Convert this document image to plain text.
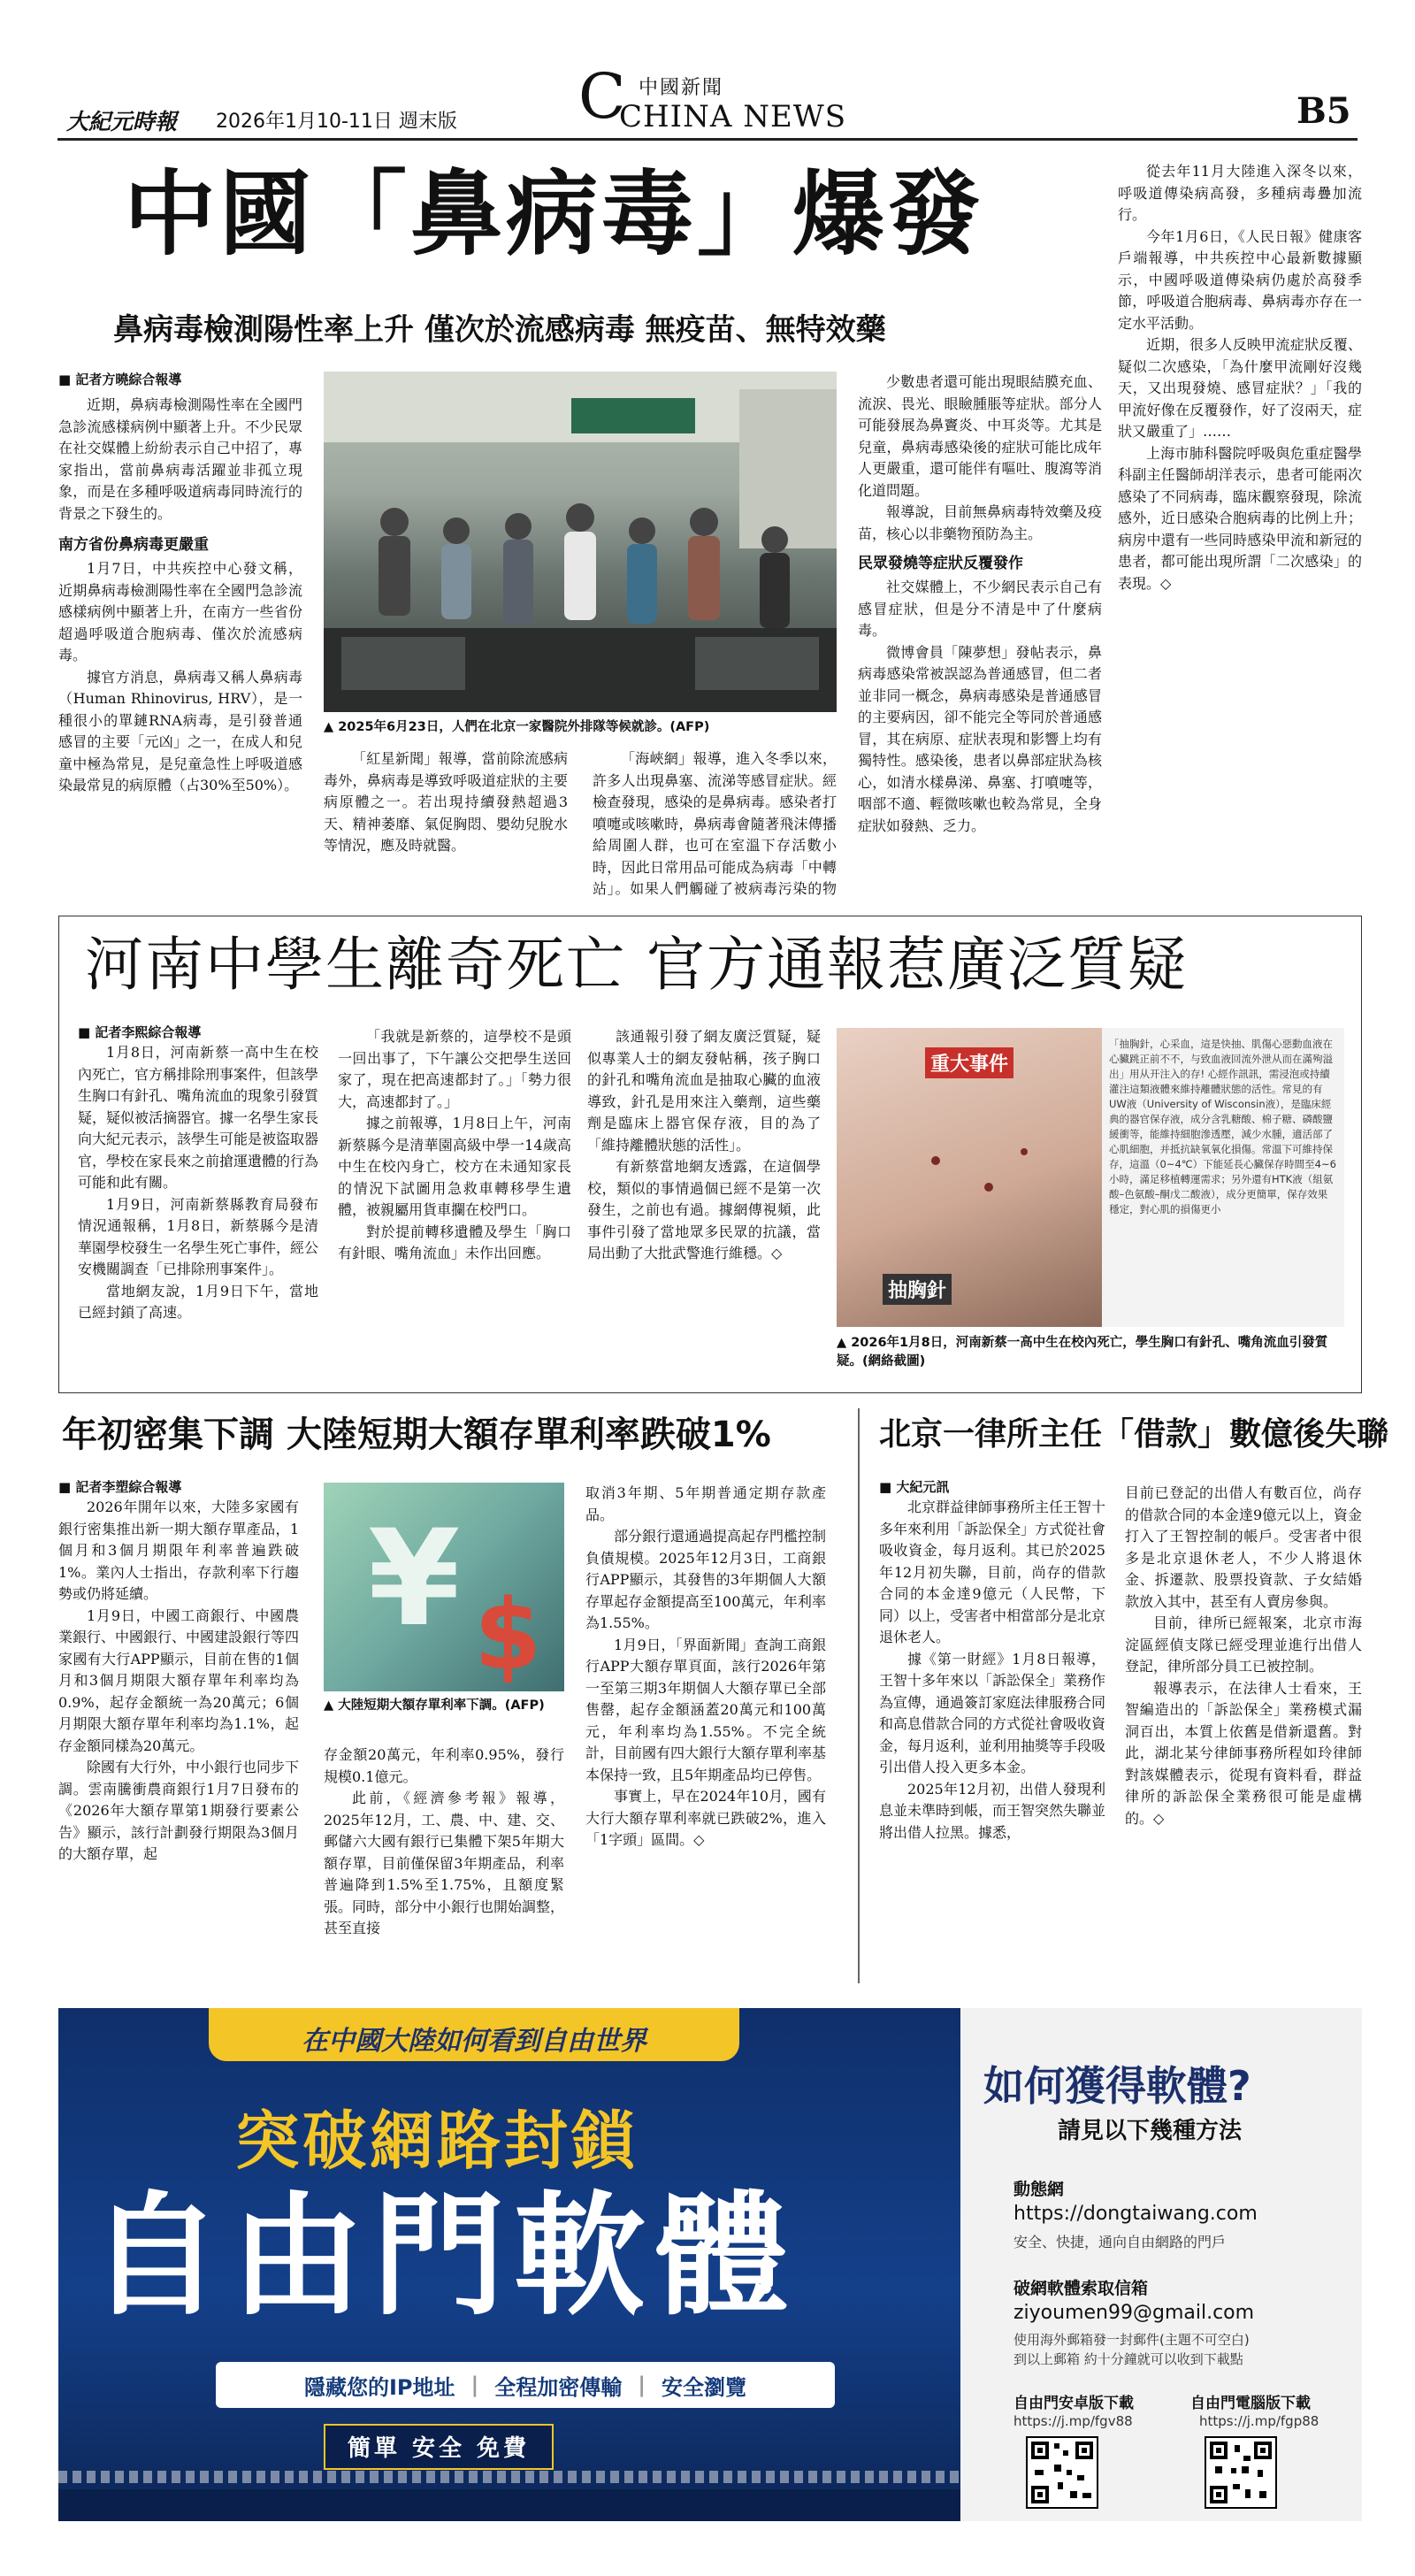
大紀元時報 2026年1月10-11日 週末版 C 中國新聞
CHINA NEWS	B5
中國「鼻病毒」爆發
鼻病毒檢測陽性率上升 僅次於流感病毒 無疫苗、無特效藥

■ 記者方曉綜合報導

近期，鼻病毒檢測陽性率在全國門急診流感樣病例中顯著上升。不少民眾在社交媒體上紛紛表示自己中招了，專家指出，當前鼻病毒活躍並非孤立現象，而是在多種呼吸道病毒同時流行的背景之下發生的。

南方省份鼻病毒更嚴重

1月7日，中共疾控中心發文稱，近期鼻病毒檢測陽性率在全國門急診流感樣病例中顯著上升，在南方一些省份超過呼吸道合胞病毒、僅次於流感病毒。

據官方消息，鼻病毒又稱人鼻病毒（Human Rhinovirus, HRV），是一種很小的單鏈RNA病毒，是引發普通感冒的主要「元凶」之一，在成人和兒童中極為常見，是兒童急性上呼吸道感染最常見的病原體（占30%至50%）。

▲ 2025年6月23日，人們在北京一家醫院外排隊等候就診。(AFP)

「紅星新聞」報導，當前除流感病毒外，鼻病毒是導致呼吸道症狀的主要病原體之一。若出現持續發熱超過3天、精神萎靡、氣促胸悶、嬰幼兒脫水等情況，應及時就醫。

「海峽網」報導，進入冬季以來，許多人出現鼻塞、流涕等感冒症狀。經檢查發現，感染的是鼻病毒。感染者打噴嚏或咳嗽時，鼻病毒會隨著飛沫傳播給周圍人群，也可在室溫下存活數小時，因此日常用品可能成為病毒「中轉站」。如果人們觸碰了被病毒污染的物

少數患者還可能出現眼結膜充血、流淚、畏光、眼瞼腫脹等症狀。部分人可能發展為鼻竇炎、中耳炎等。尤其是兒童，鼻病毒感染後的症狀可能比成年人更嚴重，還可能伴有嘔吐、腹瀉等消化道問題。

報導說，目前無鼻病毒特效藥及疫苗，核心以非藥物預防為主。

民眾發燒等症狀反覆發作

社交媒體上，不少網民表示自己有感冒症狀，但是分不清是中了什麼病毒。

微博會員「陳夢想」發帖表示，鼻病毒感染常被誤認為普通感冒，但二者並非同一概念，鼻病毒感染是普通感冒的主要病因，卻不能完全等同於普通感冒，其在病原、症狀表現和影響上均有獨特性。感染後，患者以鼻部症狀為核心，如清水樣鼻涕、鼻塞、打噴嚏等，咽部不適、輕微咳嗽也較為常見，全身症狀如發熱、乏力。

從去年11月大陸進入深冬以來，呼吸道傳染病高發，多種病毒疊加流行。

今年1月6日，《人民日報》健康客戶端報導，中共疾控中心最新數據顯示，中國呼吸道傳染病仍處於高發季節，呼吸道合胞病毒、鼻病毒亦存在一定水平活動。

近期，很多人反映甲流症狀反覆、疑似二次感染，「為什麼甲流剛好沒幾天，又出現發燒、感冒症狀？」「我的甲流好像在反覆發作，好了沒兩天，症狀又嚴重了」……

上海市肺科醫院呼吸與危重症醫學科副主任醫師胡洋表示，患者可能兩次感染了不同病毒，臨床觀察發現，除流感外，近日感染合胞病毒的比例上升；病房中還有一些同時感染甲流和新冠的患者，都可能出現所謂「二次感染」的表現。◇

河南中學生離奇死亡 官方通報惹廣泛質疑

■ 記者李熙綜合報導

1月8日，河南新蔡一高中生在校內死亡，官方稱排除刑事案件，但該學生胸口有針孔、嘴角流血的現象引發質疑，疑似被活摘器官。據一名學生家長向大紀元表示，該學生可能是被盜取器官，學校在家長來之前搶運遺體的行為可能和此有關。

1月9日，河南新蔡縣教育局發布情況通報稱，1月8日，新蔡縣今是清華園學校發生一名學生死亡事件，經公安機關調查「已排除刑事案件」。

當地網友說，1月9日下午，當地已經封鎖了高速。

「我就是新蔡的，這學校不是頭一回出事了，下午讓公交把學生送回家了，現在把高速都封了。」「勢力很大，高速都封了。」

據之前報導，1月8日上午，河南新蔡縣今是清華園高級中學一14歲高中生在校內身亡，校方在未通知家長的情況下試圖用急救車轉移學生遺體，被親屬用貨車攔在校門口。

對於提前轉移遺體及學生「胸口有針眼、嘴角流血」未作出回應。

該通報引發了網友廣泛質疑，疑似專業人士的網友發帖稱，孩子胸口的針孔和嘴角流血是抽取心臟的血液導致，針孔是用來注入藥劑，這些藥劑是臨床上器官保存液，目的為了「維持離體狀態的活性」。

有新蔡當地網友透露，在這個學校，類似的事情過個已經不是第一次發生，之前也有過。據網傳視頻，此事件引發了當地眾多民眾的抗議，當局出動了大批武警進行維穩。◇

重大事件
抽胸針
「抽胸針，心采血，這是快抽、肌傷心惡動血液在心臟跳正前不不，与致血液回流外泄从而在滿殉溢出」用从开注入的存! 心經作訊訊，需浸泡或持續灌注這類液體來維持離體狀態的活性。常見的有UW液（University of Wisconsin液），是臨床經典的器官保存液，成分含乳糖酸、棉子糖、磷酸鹽緩衝等，能維持細胞滲透壓，減少水腫，適活部了心肌細胞，并抵抗缺氧氧化損傷。常溫下可維持保存，這溫（0~4℃）下能延長心臟保存時間至4~6小時，滿足移植轉運需求；另外還有HTK液（組氨酸–色氨酸–酮戊二酸液），成分更簡單，保存效果穩定，對心肌的損傷更小
▲ 2026年1月8日，河南新蔡一高中生在校內死亡，學生胸口有針孔、嘴角流血引發質疑。(網絡截圖)
年初密集下調 大陸短期大額存單利率跌破1%

■ 記者李塑綜合報導

2026年開年以來，大陸多家國有銀行密集推出新一期大額存單產品，1個月和3個月期限年利率普遍跌破1%。業內人士指出，存款利率下行趨勢或仍將延續。

1月9日，中國工商銀行、中國農業銀行、中國銀行、中國建設銀行等四家國有大行APP顯示，目前在售的1個月和3個月期限大額存單年利率均為0.9%，起存金額統一為20萬元；6個月期限大額存單年利率均為1.1%，起存金額同樣為20萬元。

除國有大行外，中小銀行也同步下調。雲南騰衝農商銀行1月7日發布的《2026年大額存單第1期發行要素公告》顯示，該行計劃發行期限為3個月的大額存單，起

¥ $
▲ 大陸短期大額存單利率下調。(AFP)

存金額20萬元，年利率0.95%，發行規模0.1億元。

此前，《經濟參考報》報導，2025年12月，工、農、中、建、交、郵儲六大國有銀行已集體下架5年期大額存單，目前僅保留3年期產品，利率普遍降到1.5%至1.75%，且額度緊張。同時，部分中小銀行也開始調整，甚至直接

取消3年期、5年期普通定期存款產品。

部分銀行還通過提高起存門檻控制負債規模。2025年12月3日，工商銀行APP顯示，其發售的3年期個人大額存單起存金額提高至100萬元，年利率為1.55%。

1月9日，「界面新聞」查詢工商銀行APP大額存單頁面，該行2026年第一至第三期3年期個人大額存單已全部售罄，起存金額涵蓋20萬元和100萬元，年利率均為1.55%。不完全統計，目前國有四大銀行大額存單利率基本保持一致，且5年期產品均已停售。

事實上，早在2024年10月，國有大行大額存單利率就已跌破2%，進入「1字頭」區間。◇

北京一律所主任「借款」數億後失聯

■ 大紀元訊

北京群益律師事務所主任王智十多年來利用「訴訟保全」方式從社會吸收資金，每月返利。其已於2025年12月初失聯，目前，尚存的借款合同的本金達9億元（人民幣，下同）以上，受害者中相當部分是北京退休老人。

據《第一財經》1月8日報導，王智十多年來以「訴訟保全」業務作為宣傳，通過簽訂家庭法律服務合同和高息借款合同的方式從社會吸收資金，每月返利，並利用抽獎等手段吸引出借人投入更多本金。

2025年12月初，出借人發現利息並未準時到帳，而王智突然失聯並將出借人拉黑。據悉，

目前已登記的出借人有數百位，尚存的借款合同的本金達9億元以上，資金打入了王智控制的帳戶。受害者中很多是北京退休老人，不少人將退休金、拆遷款、股票投資款、子女結婚款放入其中，甚至有人賣房參與。

目前，律所已經報案，北京市海淀區經偵支隊已經受理並進行出借人登記，律所部分員工已被控制。

報導表示，在法律人士看來，王智編造出的「訴訟保全」業務模式漏洞百出，本質上依舊是借新還舊。對此，湖北某兮律師事務所程如玲律師對該媒體表示，從現有資料看，群益律所的訴訟保全業務很可能是虛構的。◇

在中國大陸如何看到自由世界
突破網路封鎖
自由門軟體
隱藏您的IP地址 | 全程加密傳輸 | 安全瀏覽
簡單 安全 免費
如何獲得軟體?
請見以下幾種方法
動態網
https://dongtaiwang.com
安全、快捷，通向自由網路的門戶
破網軟體索取信箱
ziyoumen99@gmail.com
使用海外郵箱發一封郵件(主題不可空白)
到以上郵箱 約十分鐘就可以收到下載點
自由門安卓版下載
https://j.mp/fgv88
自由門電腦版下載
https://j.mp/fgp88
